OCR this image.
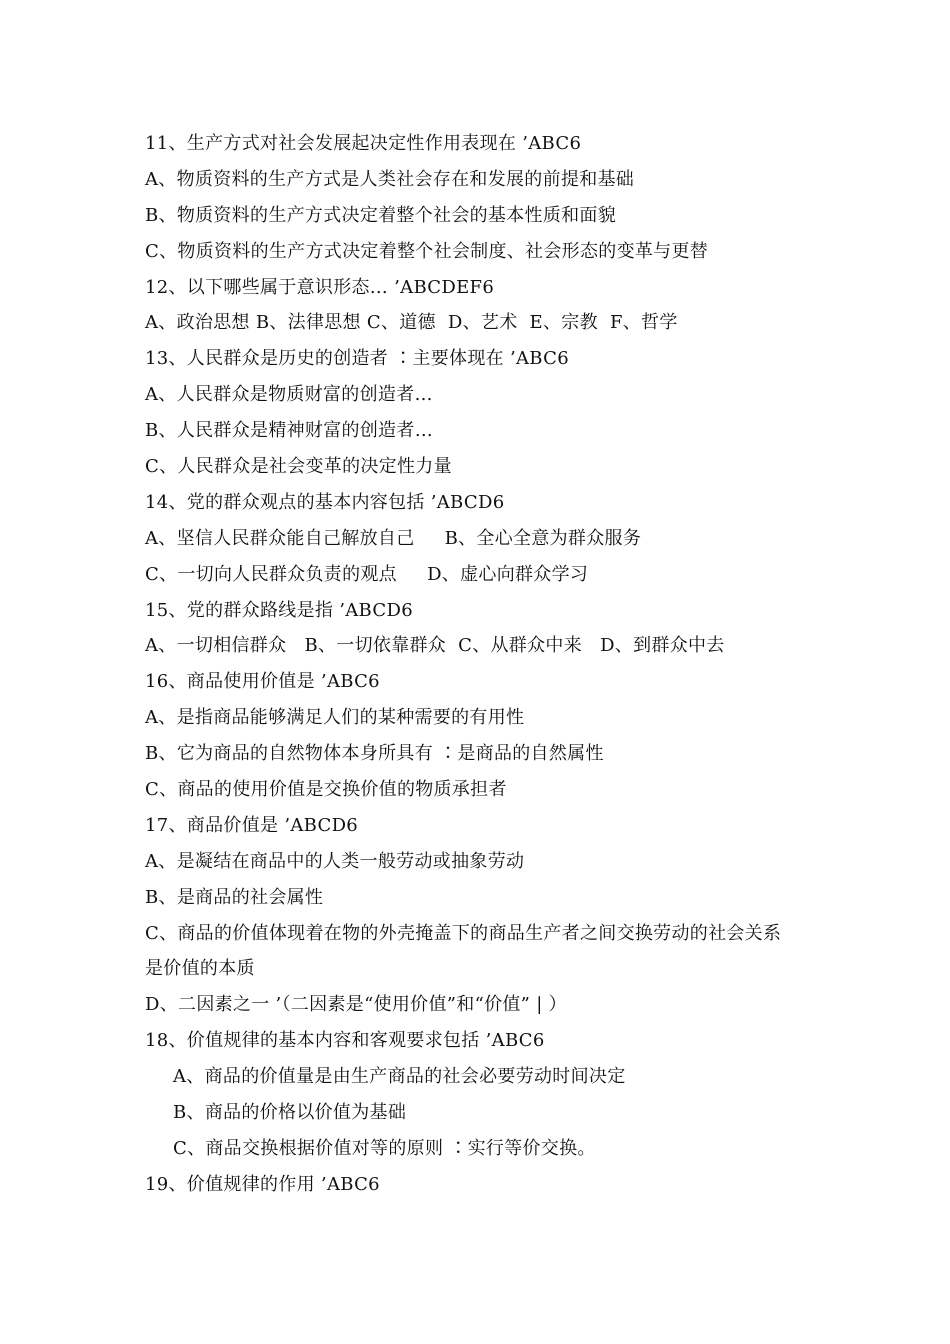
11、生产方式对社会发展起决定性作用表现在 ’ABC6
A、物质资料的生产方式是人类社会存在和发展的前提和基础
B、物质资料的生产方式决定着整个社会的基本性质和面貌
C、物质资料的生产方式决定着整个社会制度、社会形态的变革与更替
12、以下哪些属于意识形态… ’ABCDEF6
A、政治思想 B、法律思想 C、道德  D、艺术  E、宗教  F、哲学
13、人民群众是历史的创造者 ∶主要体现在 ’ABC6
A、人民群众是物质财富的创造者…
B、人民群众是精神财富的创造者…
C、人民群众是社会变革的决定性力量
14、党的群众观点的基本内容包括 ’ABCD6
A、坚信人民群众能自己解放自己     B、全心全意为群众服务
C、一切向人民群众负责的观点     D、虚心向群众学习
15、党的群众路线是指 ’ABCD6
A、一切相信群众   B、一切依靠群众  C、从群众中来   D、到群众中去
16、商品使用价值是 ’ABC6
A、是指商品能够满足人们的某种需要的有用性
B、它为商品的自然物体本身所具有 ∶是商品的自然属性
C、商品的使用价值是交换价值的物质承担者
17、商品价值是 ’ABCD6
A、是凝结在商品中的人类一般劳动或抽象劳动
B、是商品的社会属性
C、商品的价值体现着在物的外壳掩盖下的商品生产者之间交换劳动的社会关系
是价值的本质
D、二因素之一 ’（二因素是“使用价值”和“价值” | ）
18、价值规律的基本内容和客观要求包括 ’ABC6
A、商品的价值量是由生产商品的社会必要劳动时间决定
B、商品的价格以价值为基础
C、商品交换根据价值对等的原则 ∶实行等价交换。
19、价值规律的作用 ’ABC6
